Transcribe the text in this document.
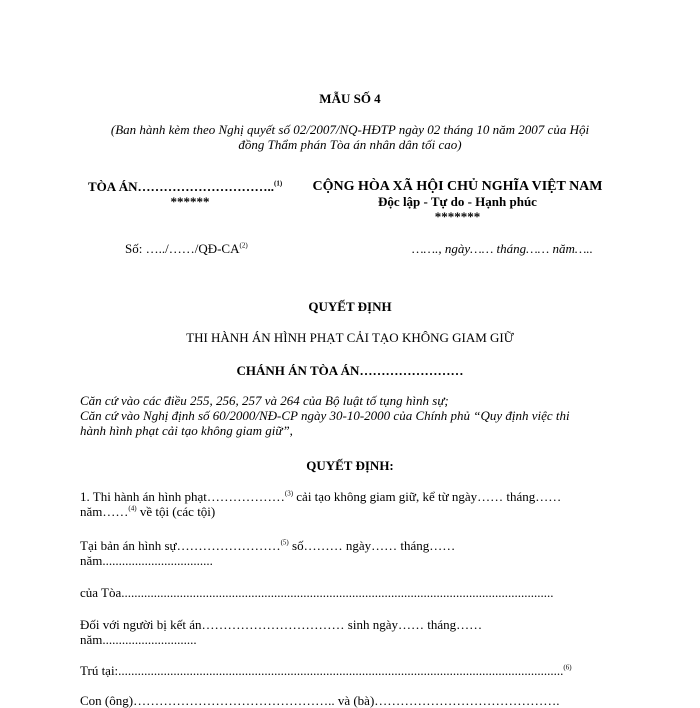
MẪU SỐ 4
(Ban hành kèm theo Nghị quyết số 02/2007/NQ-HĐTP ngày 02 tháng 10 năm 2007 của Hội
đồng Thẩm phán Tòa án nhân dân tối cao)
TÒA ÁN…………………………..$^{(1)}$
******
CỘNG HÒA XÃ HỘI CHỦ NGHĨA VIỆT NAM
Độc lập - Tự do - Hạnh phúc
*******
Số: …../……/QĐ-CA$^{(2)}$	……., ngày…… tháng…… năm…..
QUYẾT ĐỊNH
THI HÀNH ÁN HÌNH PHẠT CẢI TẠO KHÔNG GIAM GIỮ
CHÁNH ÁN TÒA ÁN……………………
Căn cứ vào các điều 255, 256, 257 và 264 của Bộ luật tố tụng hình sự;
Căn cứ vào Nghị định số 60/2000/NĐ-CP ngày 30-10-2000 của Chính phủ “Quy định việc thi
hành hình phạt cải tạo không giam giữ”,
QUYẾT ĐỊNH:
1. Thi hành án hình phạt………………$^{(3)}$ cải tạo không giam giữ, kể từ ngày…… tháng……
năm……$^{(4)}$ về tội (các tội)
Tại bản án hình sự……………………$^{(5)}$ số……… ngày…… tháng……
năm..................................
của Tòa.....................................................................................................................................
Đối với người bị kết án…………………………… sinh ngày…… tháng……
năm.............................
Trú tại:.........................................................................................................................................$^{(6)}$
Con (ông)……………………………………….. và (bà)…………………………………….
